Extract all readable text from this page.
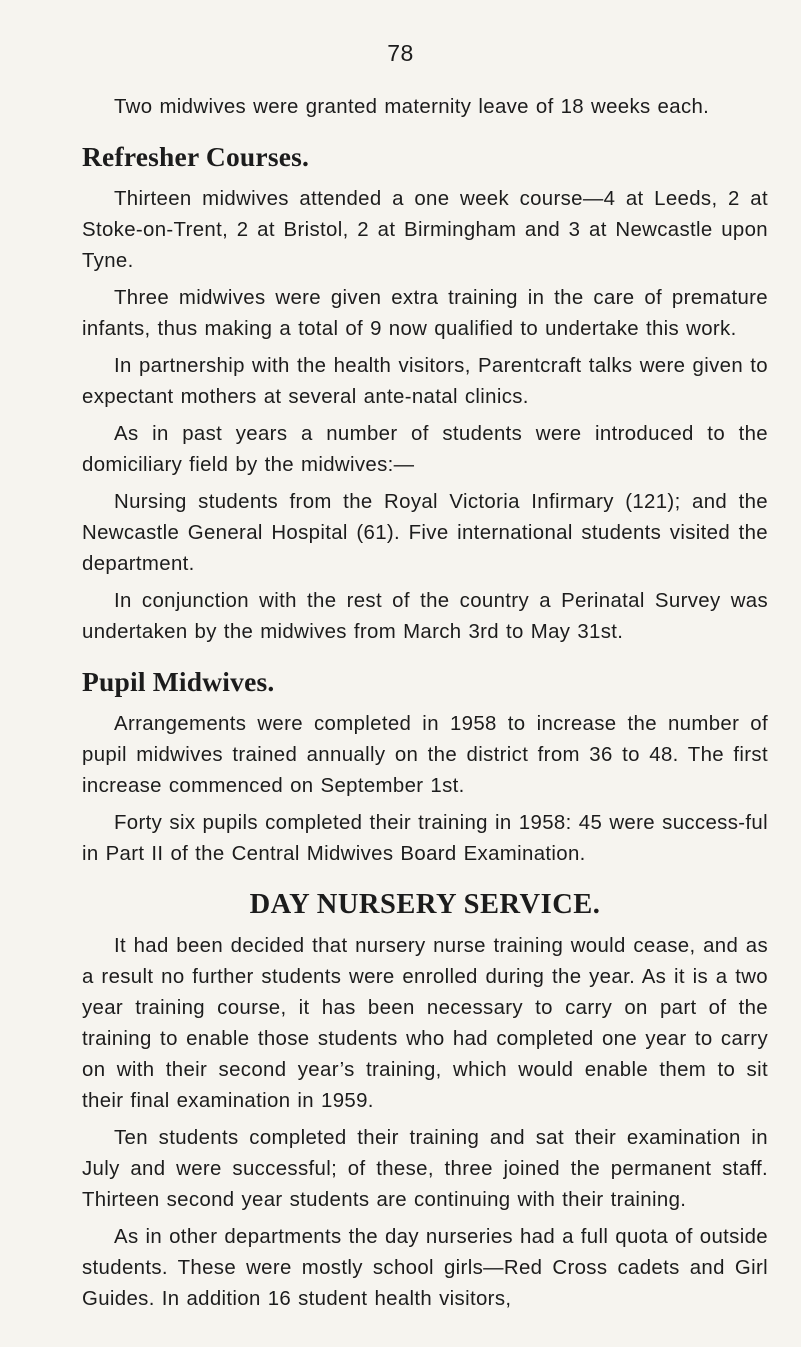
78

Two midwives were granted maternity leave of 18 weeks each.

Refresher Courses.

Thirteen midwives attended a one week course—4 at Leeds, 2 at Stoke-on-Trent, 2 at Bristol, 2 at Birmingham and 3 at Newcastle upon Tyne.

Three midwives were given extra training in the care of premature infants, thus making a total of 9 now qualified to undertake this work.

In partnership with the health visitors, Parentcraft talks were given to expectant mothers at several ante-natal clinics.

As in past years a number of students were introduced to the domiciliary field by the midwives:—

Nursing students from the Royal Victoria Infirmary (121); and the Newcastle General Hospital (61). Five international students visited the department.

In conjunction with the rest of the country a Perinatal Survey was undertaken by the midwives from March 3rd to May 31st.

Pupil Midwives.

Arrangements were completed in 1958 to increase the number of pupil midwives trained annually on the district from 36 to 48. The first increase commenced on September 1st.

Forty six pupils completed their training in 1958: 45 were success-ful in Part II of the Central Midwives Board Examination.

DAY NURSERY SERVICE.

It had been decided that nursery nurse training would cease, and as a result no further students were enrolled during the year. As it is a two year training course, it has been necessary to carry on part of the training to enable those students who had completed one year to carry on with their second year’s training, which would enable them to sit their final examination in 1959.

Ten students completed their training and sat their examination in July and were successful; of these, three joined the permanent staff. Thirteen second year students are continuing with their training.

As in other departments the day nurseries had a full quota of outside students. These were mostly school girls—Red Cross cadets and Girl Guides. In addition 16 student health visitors,
